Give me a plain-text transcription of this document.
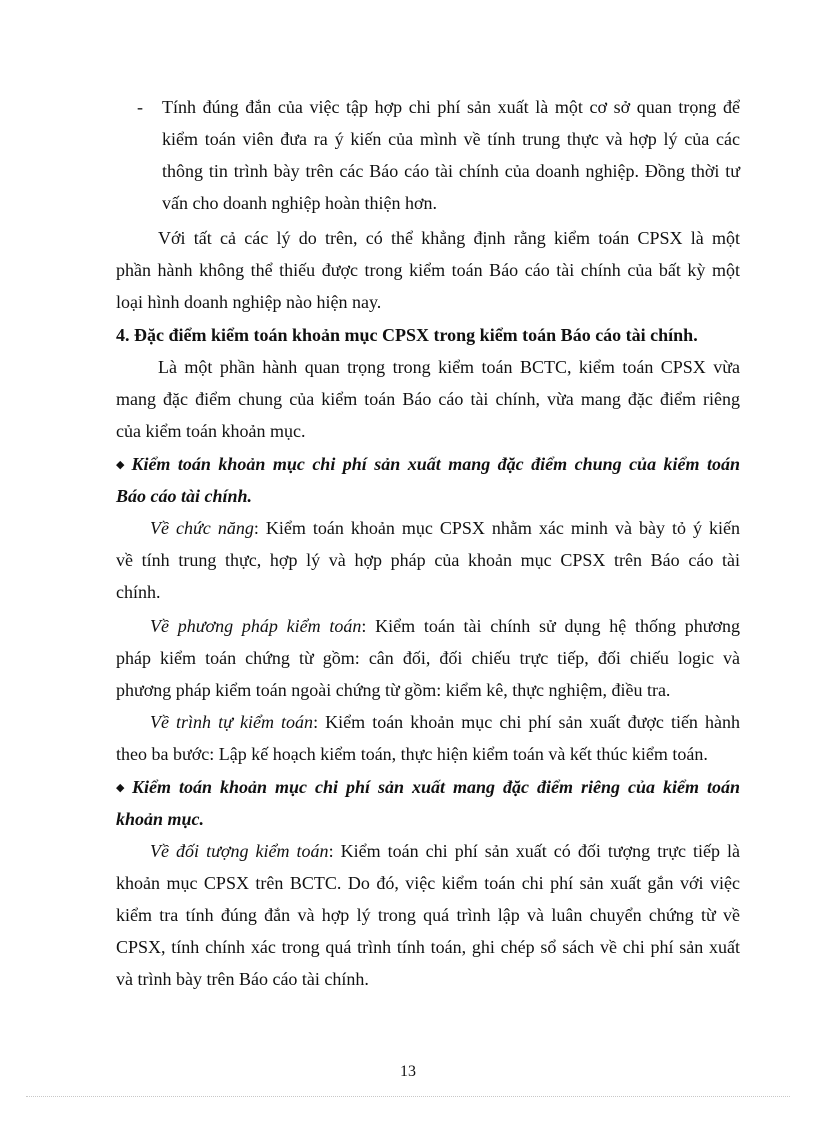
- Tính đúng đắn của việc tập hợp chi phí sản xuất là một cơ sở quan trọng để
kiểm toán viên đưa ra ý kiến của mình về tính trung thực và hợp lý của các
thông tin trình bày trên các Báo cáo tài chính của doanh nghiệp. Đồng thời tư
vấn cho doanh nghiệp hoàn thiện hơn.
Với tất cả các lý do trên, có thể khẳng định rằng kiểm toán CPSX là một
phần hành không thể thiếu được trong kiểm toán Báo cáo tài chính của bất kỳ một
loại hình doanh nghiệp nào hiện nay.
4. Đặc điểm kiểm toán khoản mục CPSX trong kiểm toán Báo cáo tài chính.
Là một phần hành quan trọng trong kiểm toán BCTC, kiểm toán CPSX vừa
mang đặc điểm chung của kiểm toán Báo cáo tài chính, vừa mang đặc điểm riêng
của kiểm toán khoản mục.
◆ Kiểm toán khoản mục chi phí sản xuất mang đặc điểm chung của kiểm toán
Báo cáo tài chính.
Về chức năng: Kiểm toán khoản mục CPSX nhằm xác minh và bày tỏ ý kiến
về tính trung thực, hợp lý và hợp pháp của khoản mục CPSX trên Báo cáo tài
chính.
Về phương pháp kiểm toán: Kiểm toán tài chính sử dụng hệ thống phương
pháp kiểm toán chứng từ gồm: cân đối, đối chiếu trực tiếp, đối chiếu logic và
phương pháp kiểm toán ngoài chứng từ gồm: kiểm kê, thực nghiệm, điều tra.
Về trình tự kiểm toán: Kiểm toán khoản mục chi phí sản xuất được tiến hành
theo ba bước: Lập kế hoạch kiểm toán, thực hiện kiểm toán và kết thúc kiểm toán.
◆ Kiểm toán khoản mục chi phí sản xuất mang đặc điểm riêng của kiểm toán
khoản mục.
Về đối tượng kiểm toán: Kiểm toán chi phí sản xuất có đối tượng trực tiếp là
khoản mục CPSX trên BCTC. Do đó, việc kiểm toán chi phí sản xuất gắn với việc
kiểm tra tính đúng đắn và hợp lý trong quá trình lập và luân chuyển chứng từ về
CPSX, tính chính xác trong quá trình tính toán, ghi chép sổ sách về chi phí sản xuất
và trình bày trên Báo cáo tài chính.
13
